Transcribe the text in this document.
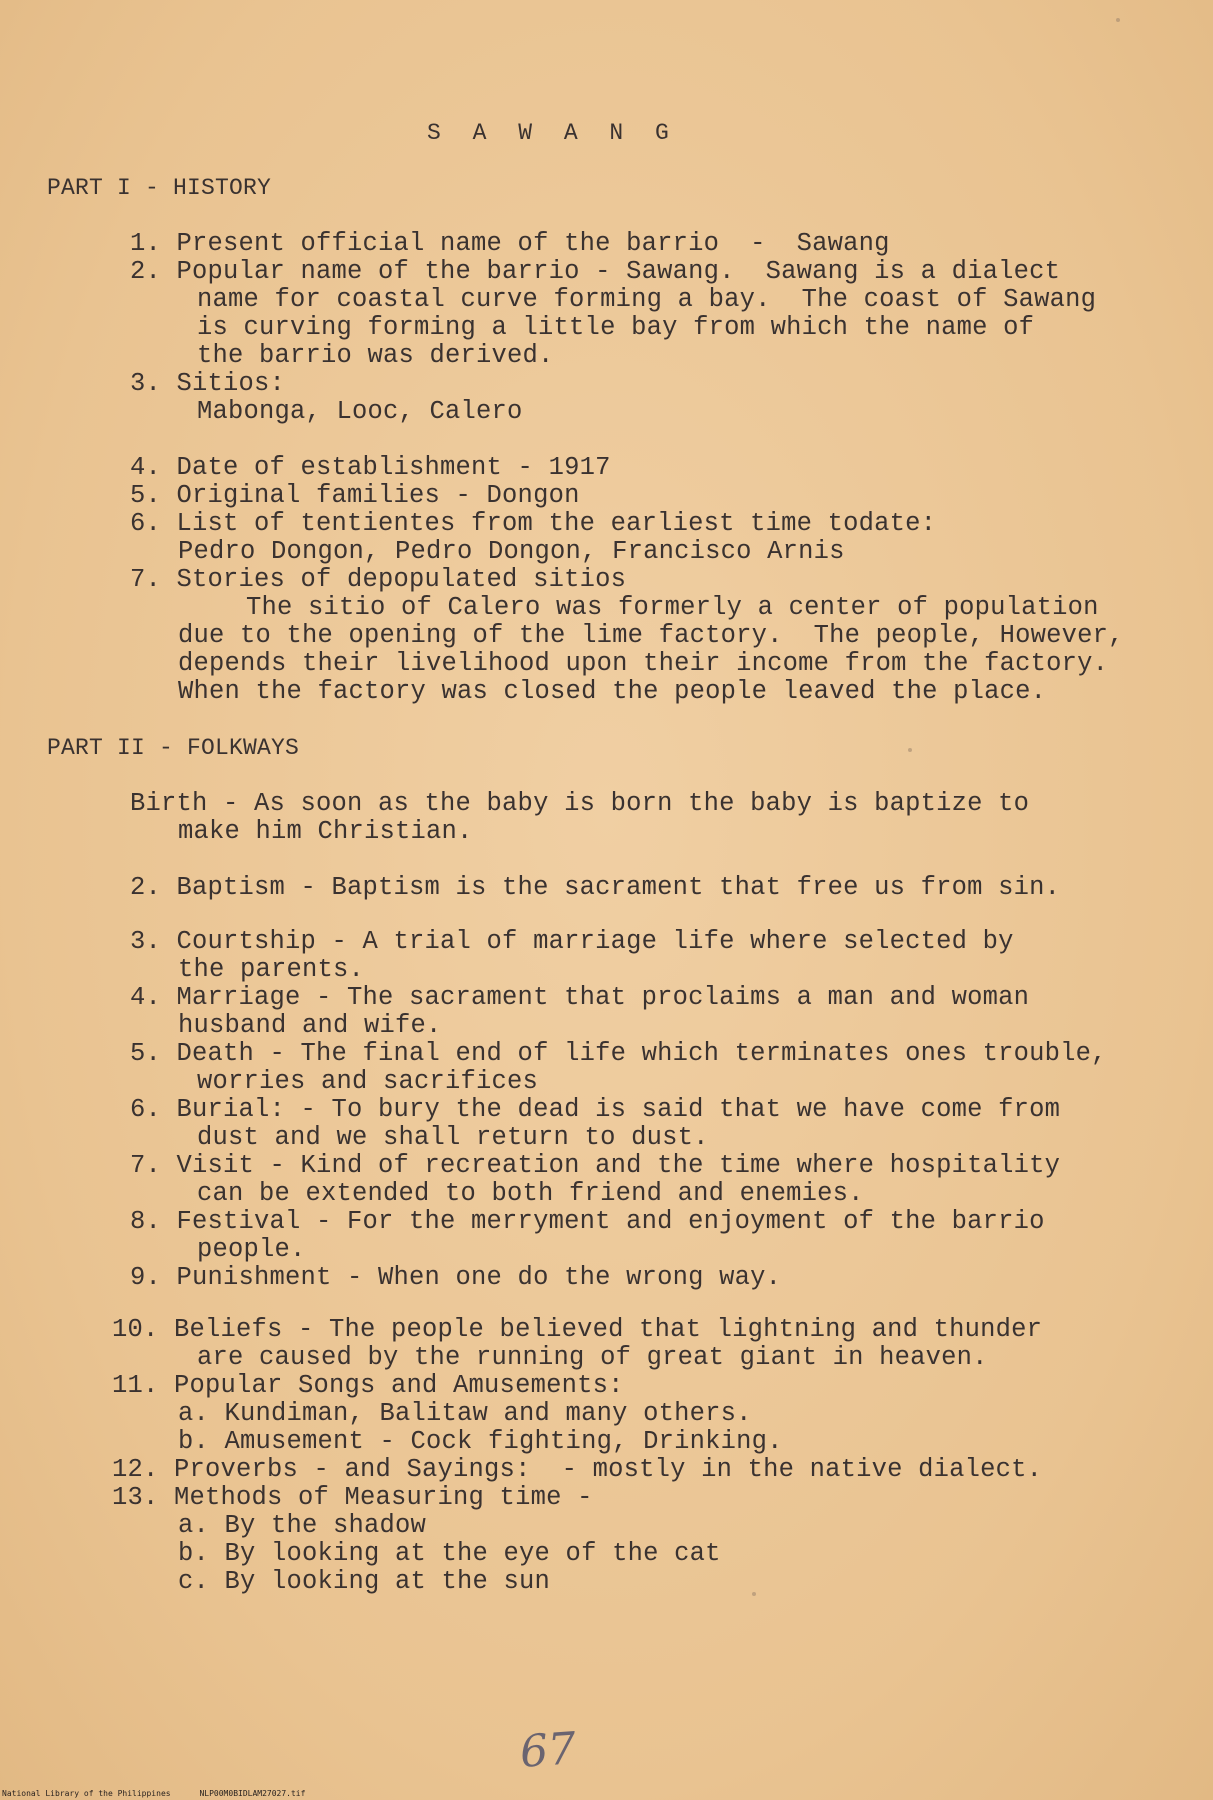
S A W A N G
PART I - HISTORY
1. Present official name of the barrio  -  Sawang
2. Popular name of the barrio - Sawang.  Sawang is a dialect
name for coastal curve forming a bay.  The coast of Sawang
is curving forming a little bay from which the name of
the barrio was derived.
3. Sitios:
Mabonga, Looc, Calero
4. Date of establishment - 1917
5. Original families - Dongon
6. List of tentientes from the earliest time todate:
Pedro Dongon, Pedro Dongon, Francisco Arnis
7. Stories of depopulated sitios
The sitio of Calero was formerly a center of population
due to the opening of the lime factory.  The people, However,
depends their livelihood upon their income from the factory.
When the factory was closed the people leaved the place.
PART II - FOLKWAYS
Birth - As soon as the baby is born the baby is baptize to
make him Christian.
2. Baptism - Baptism is the sacrament that free us from sin.
3. Courtship - A trial of marriage life where selected by
the parents.
4. Marriage - The sacrament that proclaims a man and woman
husband and wife.
5. Death - The final end of life which terminates ones trouble,
worries and sacrifices
6. Burial: - To bury the dead is said that we have come from
dust and we shall return to dust.
7. Visit - Kind of recreation and the time where hospitality
can be extended to both friend and enemies.
8. Festival - For the merryment and enjoyment of the barrio
people.
9. Punishment - When one do the wrong way.
10. Beliefs - The people believed that lightning and thunder
are caused by the running of great giant in heaven.
11. Popular Songs and Amusements:
a. Kundiman, Balitaw and many others.
b. Amusement - Cock fighting, Drinking.
12. Proverbs - and Sayings:  - mostly in the native dialect.
13. Methods of Measuring time -
a. By the shadow
b. By looking at the eye of the cat
c. By looking at the sun
67
National Library of the Philippines      NLP00M0BIDLAM27027.tif
